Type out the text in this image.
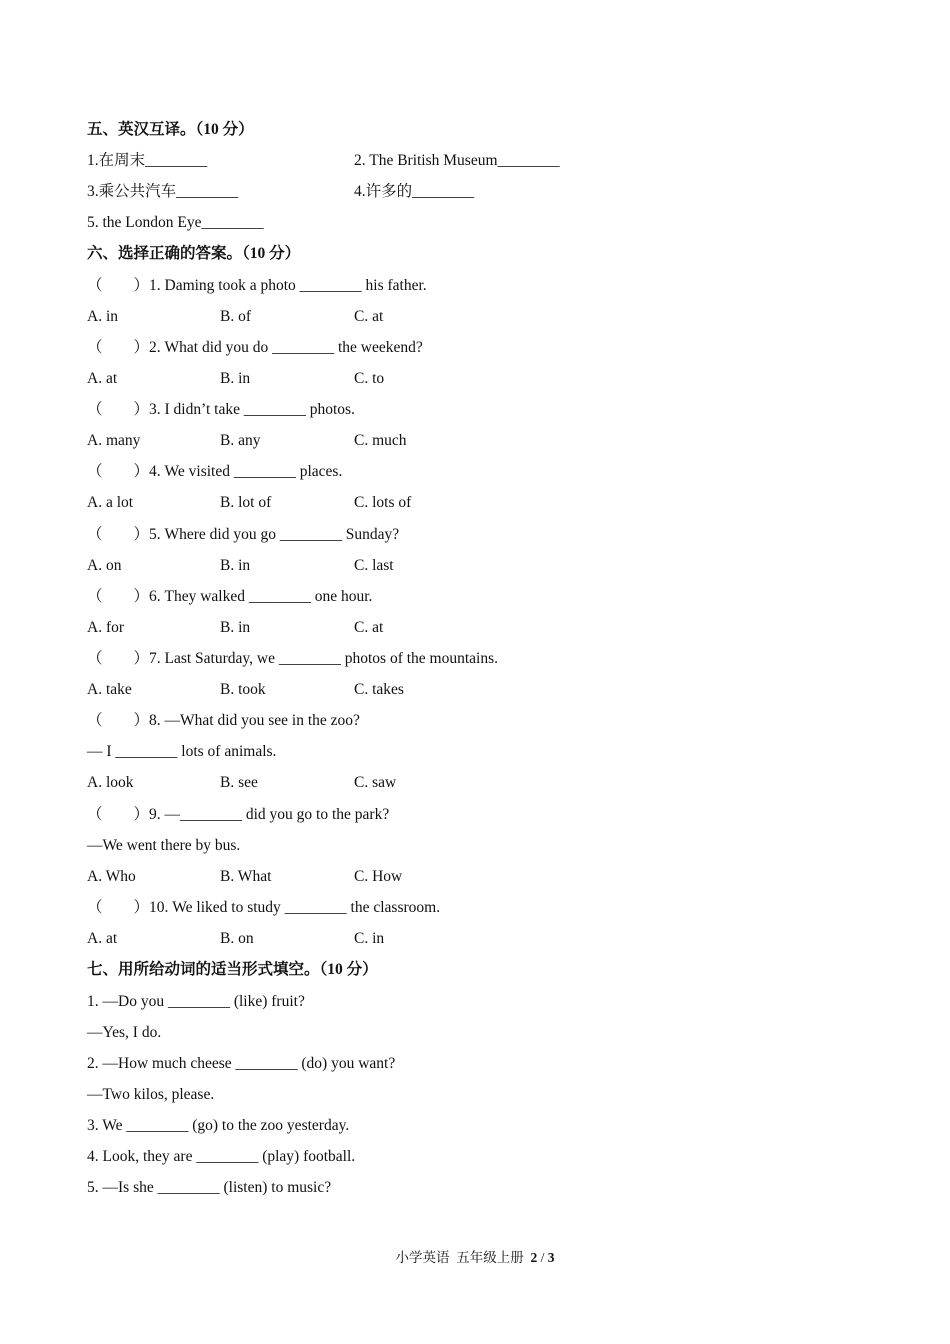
五、英汉互译。（10 分）
1.在周末________	2. The British Museum________
3.乘公共汽车________	4.许多的________
5. the London Eye________
六、选择正确的答案。（10 分）
（        ）1. Daming took a photo ________ his father.
A. in	B. of	C. at
（        ）2. What did you do ________ the weekend?
A. at	B. in	C. to
（        ）3. I didn’t take ________ photos.
A. many	B. any	C. much
（        ）4. We visited ________ places.
A. a lot	B. lot of	C. lots of
（        ）5. Where did you go ________ Sunday?
A. on	B. in	C. last
（        ）6. They walked ________ one hour.
A. for	B. in	C. at
（        ）7. Last Saturday, we ________ photos of the mountains.
A. take	B. took	C. takes
（        ）8. —What did you see in the zoo?
— I ________ lots of animals.
A. look	B. see	C. saw
（        ）9. —________ did you go to the park?
—We went there by bus.
A. Who	B. What	C. How
（        ）10. We liked to study ________ the classroom.
A. at	B. on	C. in
七、用所给动词的适当形式填空。（10 分）
1. —Do you ________ (like) fruit?
—Yes, I do.
2. —How much cheese ________ (do) you want?
—Two kilos, please.
3. We ________ (go) to the zoo yesterday.
4. Look, they are ________ (play) football.
5. —Is she ________ (listen) to music?
小学英语  五年级上册  2 / 3
